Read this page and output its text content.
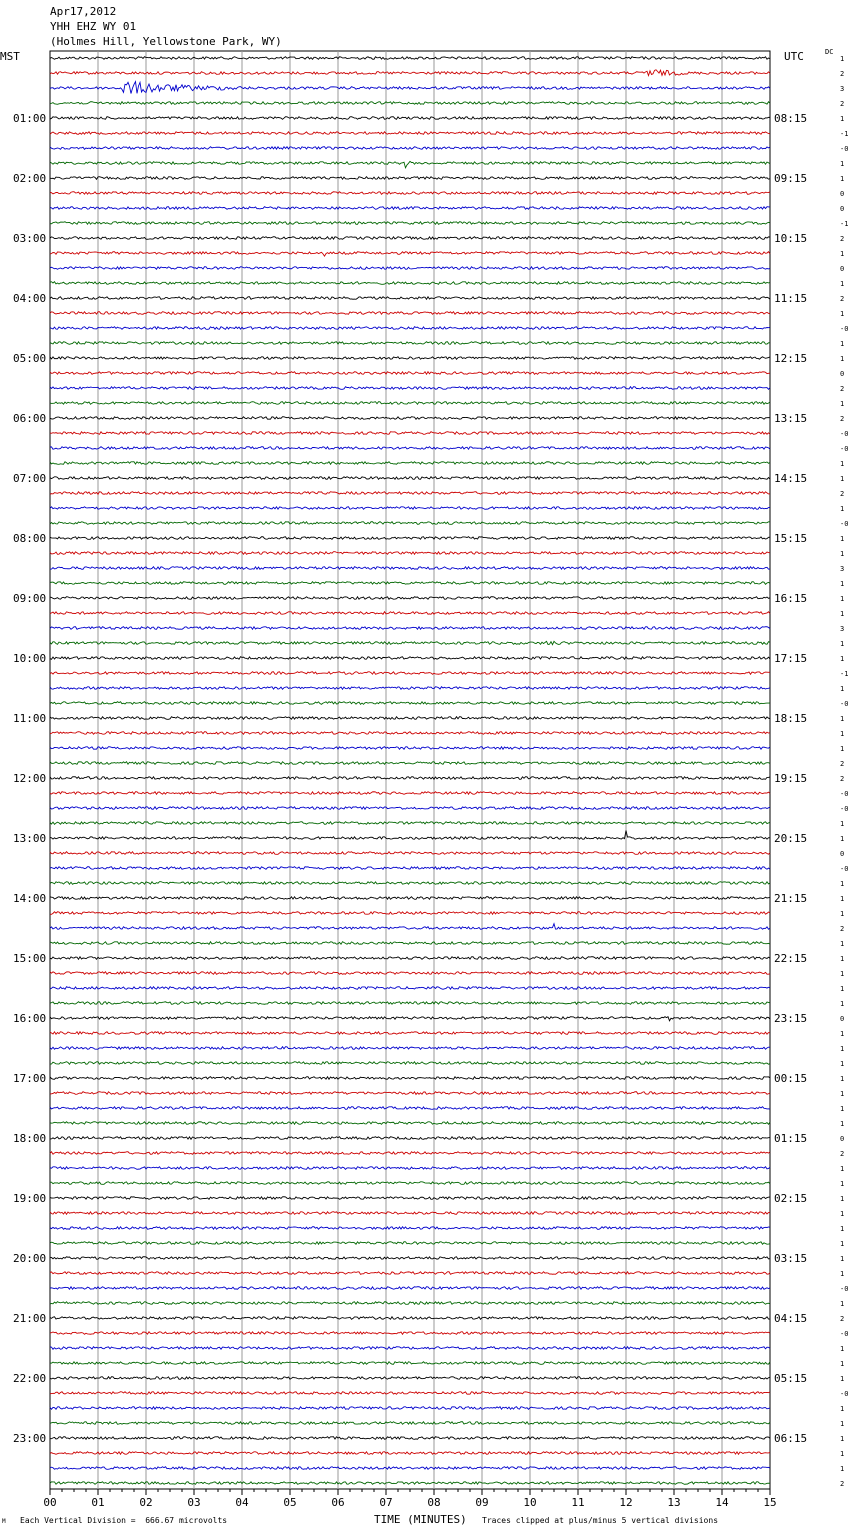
Apr17,2012
YHH EHZ WY 01
(Holmes Hill, Yellowstone Park, WY)
MST	UTC	DC
00	01	02	03	04	05	06	07	08	09	10	11	12	13	14	15
1
2
3
2
1
-1
-0
1
1
0
0
-1
2
1
0
1
2
1
-0
1
1
0
2
1
2
-0
-0
1
1
2
1
-0
1
1
3
1
1
1
3
1
1
-1
1
-0
1
1
1
2
2
-0
-0
1
1
0
-0
1
1
1
2
1
1
1
1
1
0
1
1
1
1
1
1
1
0
2
1
1
1
1
1
1
1
1
-0
1
2
-0
1
1
1
-0
1
1
1
1
1
2
01:00
02:00
03:00
04:00
05:00
06:00
07:00
08:00
09:00
10:00
11:00
12:00
13:00
14:00
15:00
16:00
17:00
18:00
19:00
20:00
21:00
22:00
23:00
08:15
09:15
10:15
11:15
12:15
13:15
14:15
15:15
16:15
17:15
18:15
19:15
20:15
21:15
22:15
23:15
00:15
01:15
02:15
03:15
04:15
05:15
06:15
Each Vertical Division =  666.67 microvolts	TIME (MINUTES) Traces clipped at plus/minus 5 vertical divisions
M
